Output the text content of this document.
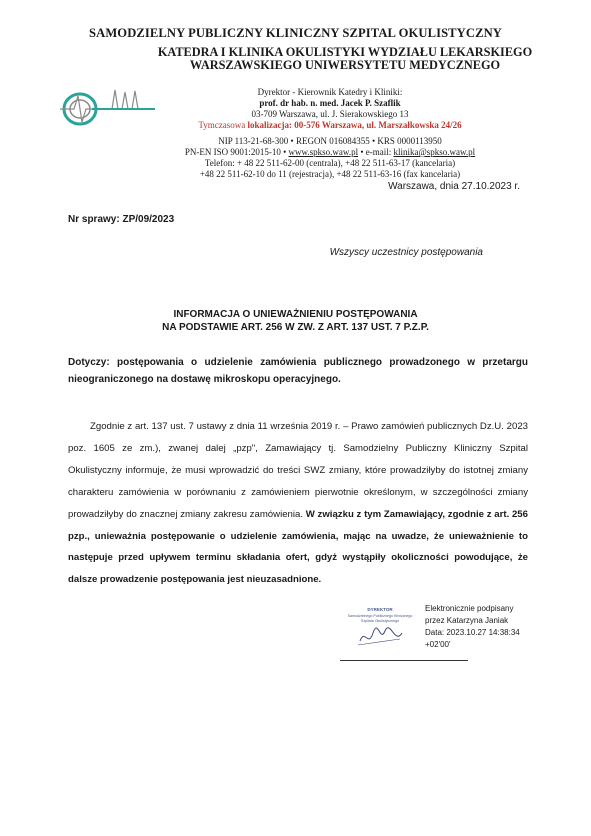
SAMODZIELNY PUBLICZNY KLINICZNY SZPITAL OKULISTYCZNY
KATEDRA I KLINIKA OKULISTYKI WYDZIAŁU LEKARSKIEGO
WARSZAWSKIEGO UNIWERSYTETU MEDYCZNEGO
Dyrektor - Kierownik Katedry i Kliniki:
prof. dr hab. n. med. Jacek P. Szaflik
03-709 Warszawa, ul. J. Sierakowskiego 13
Tymczasowa lokalizacja: 00-576 Warszawa, ul. Marszałkowska 24/26
NIP 113-21-68-300 • REGON 016084355 • KRS 0000113950
PN-EN ISO 9001:2015-10 • www.spkso.waw.pl • e-mail: klinika@spkso.waw.pl
Telefon: + 48 22 511-62-00 (centrala), +48 22 511-63-17 (kancelaria)
+48 22 511-62-10 do 11 (rejestracja), +48 22 511-63-16 (fax kancelaria)
Warszawa, dnia 27.10.2023 r.
Nr sprawy: ZP/09/2023
Wszyscy uczestnicy postępowania
INFORMACJA O UNIEWAŻNIENIU POSTĘPOWANIA
NA PODSTAWIE ART. 256 W ZW. Z ART. 137 UST. 7 P.Z.P.
Dotyczy: postępowania o udzielenie zamówienia publicznego prowadzonego w przetargu nieograniczonego na dostawę mikroskopu operacyjnego.

Zgodnie z art. 137 ust. 7 ustawy z dnia 11 września 2019 r. – Prawo zamówień publicznych Dz.U. 2023 poz. 1605 ze zm.), zwanej dalej „pzp", Zamawiający tj. Samodzielny Publiczny Kliniczny Szpital Okulistyczny informuje, że musi wprowadzić do treści SWZ zmiany, które prowadziłyby do istotnej zmiany charakteru zamówienia w porównaniu z zamówieniem pierwotnie określonym, w szczególności zmiany prowadziłyby do znacznej zmiany zakresu zamówienia. W związku z tym Zamawiający, zgodnie z art. 256 pzp., unieważnia postępowanie o udzielenie zamówienia, mając na uwadze, że unieważnienie to następuje przed upływem terminu składania ofert, gdyż wystąpiły okoliczności powodujące, że dalsze prowadzenie postępowania jest nieuzasadnione.

DYREKTOR
Samodzielnego Publicznego Klinicznego
Szpitala Okulistycznego
Elektronicznie podpisany
przez Katarzyna Janiak
Data: 2023.10.27 14:38:34
+02'00'
